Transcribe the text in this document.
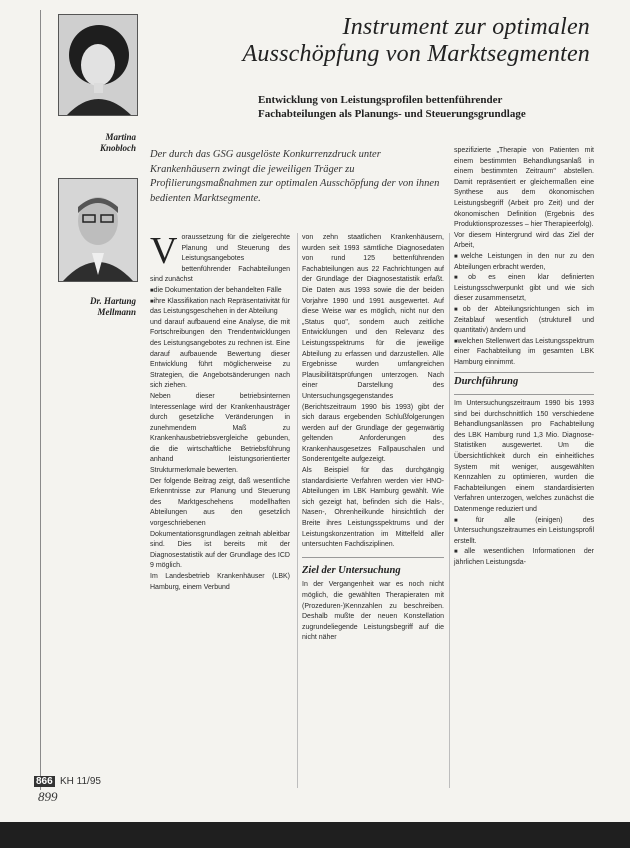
Martina
Knobloch
Dr. Hartung
Mellmann
Instrument zur optimalen
Ausschöpfung von Marktsegmenten
Entwicklung von Leistungsprofilen bettenführender
Fachabteilungen als Planungs- und Steuerungsgrundlage
Der durch das GSG ausgelöste Konkurrenzdruck unter Krankenhäusern zwingt die jeweiligen Träger zu Profilierungsmaßnahmen zur optimalen Ausschöpfung der von ihnen bedienten Marktsegmente.

Voraussetzung für die zielgerechte Planung und Steuerung des Leistungsangebotes bettenführender Fachabteilungen sind zunächst

■ die Dokumentation der behandelten Fälle

■ ihre Klassifikation nach Repräsentativität für das Leistungsgeschehen in der Abteilung

und darauf aufbauend eine Analyse, die mit Fortschreibungen den Trendentwicklungen des Leistungsangebotes zu rechnen ist. Eine darauf aufbauende Bewertung dieser Entwicklung führt möglicherweise zu Strategien, die Angebotsänderungen nach sich ziehen.

Neben dieser betriebsinternen Interessenlage wird der Krankenhausträger durch gesetzliche Veränderungen in zunehmendem Maß zu Krankenhausbetriebsvergleiche gebunden, die die wirtschaftliche Betriebsführung anhand leistungsorientierter Strukturmerkmale bewerten.

Der folgende Beitrag zeigt, daß wesentliche Erkenntnisse zur Planung und Steuerung des Marktgeschehens modellhaften Abteilungen aus den gesetzlich vorgeschriebenen Dokumentationsgrundlagen zeitnah ableitbar sind. Dies ist bereits mit der Diagnosestatistik auf der Grundlage des ICD 9 möglich.

Im Landesbetrieb Krankenhäuser (LBK) Hamburg, einem Verbund

von zehn staatlichen Krankenhäusern, wurden seit 1993 sämtliche Diagnosedaten von rund 125 bettenführenden Fachabteilungen aus 22 Fachrichtungen auf der Grundlage der Diagnosestatistik erfaßt. Die Daten aus 1993 sowie die der beiden Vorjahre 1990 und 1991 ausgewertet. Auf diese Weise war es möglich, nicht nur den „Status quo", sondern auch zeitliche Entwicklungen und den Relevanz des Leistungsspektrums für die jeweilige Abteilung zu erfassen und darzustellen. Alle Ergebnisse wurden umfangreichen Plausibilitätsprüfungen unterzogen. Nach einer Darstellung des Untersuchungsgegenstandes (Berichtszeitraum 1990 bis 1993) gibt der sich daraus ergebenden Schlußfolgerungen werden auf der Grundlage der gegenwärtig geltenden Anforderungen des Krankenhausgesetzes Fallpauschalen und Sonderentgelte aufgezeigt.

Als Beispiel für das durchgängig standardisierte Verfahren werden vier HNO-Abteilungen im LBK Hamburg gewählt. Wie sich gezeigt hat, befinden sich die Hals-, Nasen-, Ohrenheilkunde hinsichtlich der Breite ihres Leistungsspektrums und der Leistungskonzentration im Mittelfeld aller untersuchten Fachdisziplinen.

Ziel der Untersuchung

In der Vergangenheit war es noch nicht möglich, die gewählten Therapieraten mit (Prozeduren-)Kennzahlen zu beschreiben. Deshalb mußte der neuen Konstellation zugrundeliegende Leistungsbegriff auf die nicht näher

spezifizierte „Therapie von Patienten mit einem bestimmten Behandlungsanlaß in einem bestimmten Zeitraum" abstellen. Damit repräsentiert er gleichermaßen eine Synthese aus dem ökonomischen Leistungsbegriff (Arbeit pro Zeit) und der ökonomischen Definition (Ergebnis des Produktionsprozesses – hier Therapieerfolg).

Vor diesem Hintergrund wird das Ziel der Arbeit,

■ welche Leistungen in den nur zu den Abteilungen erbracht werden,

■ ob es einen klar definierten Leistungsschwerpunkt gibt und wie sich dieser zusammensetzt,

■ ob der Abteilungsrichtungen sich im Zeitablauf wesentlich (strukturell und quantitativ) ändern und

■ welchen Stellenwert das Leistungsspektrum einer Fachabteilung im gesamten LBK Hamburg einnimmt.

Durchführung

Im Untersuchungszeitraum 1990 bis 1993 sind bei durchschnittlich 150 verschiedene Behandlungsanlässen pro Fachabteilung des LBK Hamburg rund 1,3 Mio. Diagnose-Statistiken ausgewertet. Um die Übersichtlichkeit durch ein einheitliches System mit weniger, ausgewählten Kennzahlen zu optimieren, wurden die Fachabteilungen einem standardisierten Verfahren unterzogen, welches zunächst die Datenmenge reduziert und

■ für alle (einigen) des Untersuchungszeitraumes ein Leistungsprofil erstellt.

■ alle wesentlichen Informationen der jährlichen Leistungsda-

866 KH 11/95
899
